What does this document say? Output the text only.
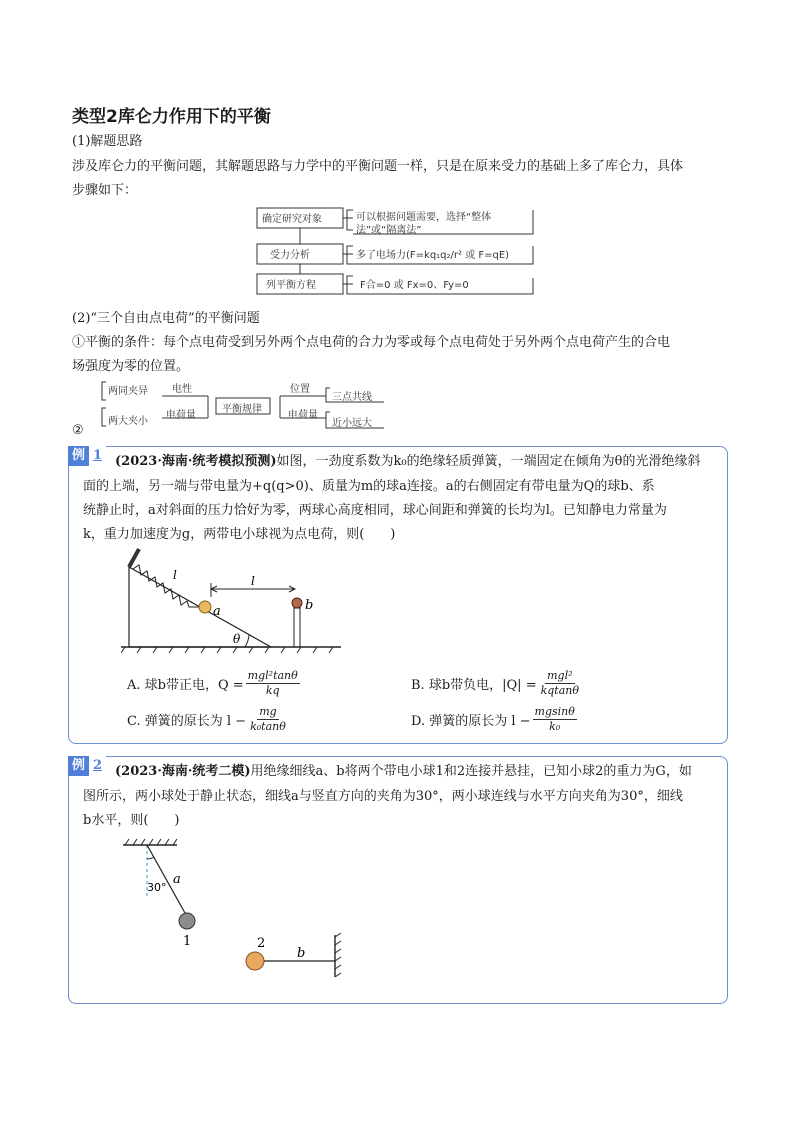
类型2库仑力作用下的平衡
(1)解题思路
涉及库仑力的平衡问题，其解题思路与力学中的平衡问题一样，只是在原来受力的基础上多了库仑力，具体
步骤如下：
确定研究对象
受力分析
列平衡方程
可以根据问题需要，选择“整体
法”或“隔离法”
多了电场力(F=kq₁q₂/r² 或 F=qE)
F合=0 或 Fx=0、Fy=0
(2)“三个自由点电荷”的平衡问题
①平衡的条件：每个点电荷受到另外两个点电荷的合力为零或每个点电荷处于另外两个点电荷产生的合电
场强度为零的位置。
两同夹异
两大夹小
电性
电荷量
平衡规律
位置
电荷量
三点共线
近小远大
②
例 1 (2023·海南·统考模拟预测)如图，一劲度系数为k₀的绝缘轻质弹簧，一端固定在倾角为θ的光滑绝缘斜
面的上端，另一端与带电量为+q(q>0)、质量为m的球a连接。a的右侧固定有带电量为Q的球b、系
统静止时，a对斜面的压力恰好为零，两球心高度相同，球心间距和弹簧的长均为l。已知静电力常量为
k，重力加速度为g，两带电小球视为点电荷，则(　　)
l
a
l
b
θ
A. 球b带正电，$Q = \frac{\text{mgl²tanθ}}{kq}$	B. 球b带负电，$|Q| = \frac{\text{mgl²}}{kqtan\theta}$
C. 弹簧的原长为 $l - \frac{mg}{\text{k₀tanθ}}$	D. 弹簧的原长为 $l - \frac{mgsin\theta}{\text{k₀}}$
例 2 (2023·海南·统考二模)用绝缘细线a、b将两个带电小球1和2连接并悬挂，已知小球2的重力为G，如
图所示，两小球处于静止状态，细线a与竖直方向的夹角为30°，两小球连线与水平方向夹角为30°，细线
b水平，则(　　)
30°
a
1	2
b
